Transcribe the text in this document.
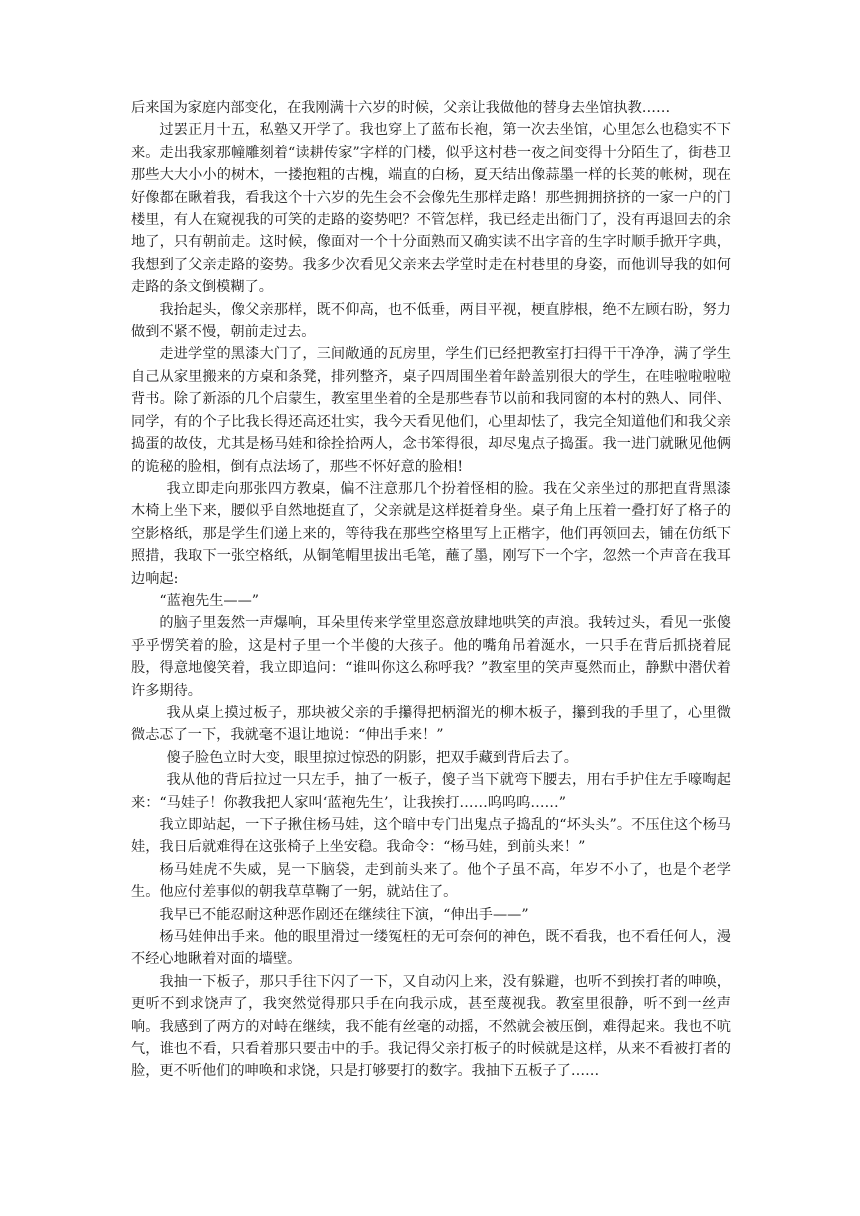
后来国为家庭内部变化，在我刚满十六岁的时候，父亲让我做他的替身去坐馆执教……

过罢正月十五，私塾又开学了。我也穿上了蓝布长袍，第一次去坐馆，心里怎么也稳实不下来。走出我家那幢雕刻着“读耕传家”字样的门楼，似乎这村巷一夜之间变得十分陌生了，街巷卫那些大大小小的树木，一搂抱粗的古槐，端直的白杨，夏天结出像蒜墨一样的长荚的帐树，现在好像都在瞅着我，看我这个十六岁的先生会不会像先生那样走路！那些拥拥挤挤的一家一户的门楼里，有人在窥视我的可笑的走路的姿势吧？不管怎样，我已经走出衙门了，没有再退回去的余地了，只有朝前走。这时候，像面对一个十分面熟而又确实读不出字音的生字时顺手掀开字典，我想到了父亲走路的姿势。我多少次看见父亲来去学堂时走在村巷里的身姿，而他训导我的如何走路的条文倒模糊了。

我抬起头，像父亲那样，既不仰高，也不低垂，两目平视，梗直脖根，绝不左顾右盼，努力做到不紧不慢，朝前走过去。

走进学堂的黑漆大门了，三间敞通的瓦房里，学生们已经把教室打扫得干干净净，满了学生自己从家里搬来的方桌和条凳，排列整齐，桌子四周围坐着年龄盖别很大的学生，在哇啦啦啦啦背书。除了新添的几个启蒙生，教室里坐着的全是那些春节以前和我同窗的本村的熟人、同伴、同学，有的个子比我长得还高还壮实，我今天看见他们，心里却怯了，我完全知道他们和我父亲捣蛋的故伎，尤其是杨马娃和徐拴拾两人，念书笨得很，却尽鬼点子捣蛋。我一进门就瞅见他俩的诡秘的脸相，倒有点法场了，那些不怀好意的脸相!

我立即走向那张四方教桌，偏不注意那几个扮着怪相的脸。我在父亲坐过的那把直背黑漆木椅上坐下来，腰似乎自然地挺直了，父亲就是这样挺着身坐。桌子角上压着一叠打好了格子的空影格纸，那是学生们递上来的，等待我在那些空格里写上正楷字，他们再领回去，铺在仿纸下照措，我取下一张空格纸，从铜笔帽里拔出毛笔，蘸了墨，刚写下一个字，忽然一个声音在我耳边响起:

“蓝袍先生——”

的脑子里轰然一声爆响，耳朵里传来学堂里恣意放肆地哄笑的声浪。我转过头，看见一张傻乎乎愣笑着的脸，这是村子里一个半傻的大孩子。他的嘴角吊着涎水，一只手在背后抓挠着屁股，得意地傻笑着，我立即追问：“谁叫你这么称呼我？”教室里的笑声戛然而止，静默中潜伏着许多期待。

我从桌上摸过板子，那块被父亲的手攥得把柄溜光的柳木板子，攥到我的手里了，心里微微忐忑了一下，我就毫不退让地说：“伸出手来！”

傻子脸色立时大变，眼里掠过惊恐的阴影，把双手藏到背后去了。

我从他的背后拉过一只左手，抽了一板子，傻子当下就弯下腰去，用右手护住左手嚎啕起来：“马娃子！你教我把人家叫‘蓝袍先生’，让我挨打……呜呜呜……”

我立即站起，一下子揪住杨马娃，这个暗中专门出鬼点子捣乱的“坏头头”。不压住这个杨马娃，我日后就难得在这张椅子上坐安稳。我命令：“杨马娃，到前头来！”

杨马娃虎不失威，晃一下脑袋，走到前头来了。他个子虽不高，年岁不小了，也是个老学生。他应付差事似的朝我草草鞠了一躬，就站住了。

我早已不能忍耐这种恶作剧还在继续往下演，“伸出手——”

杨马娃伸出手来。他的眼里滑过一缕冤枉的无可奈何的神色，既不看我，也不看任何人，漫不经心地瞅着对面的墙壁。

我抽一下板子，那只手往下闪了一下，又自动闪上来，没有躲避，也听不到挨打者的呻唤，更听不到求饶声了，我突然觉得那只手在向我示成，甚至蔑视我。教室里很静，听不到一丝声响。我感到了两方的对峙在继续，我不能有丝毫的动摇，不然就会被压倒，难得起来。我也不吭气，谁也不看，只看着那只要击中的手。我记得父亲打板子的时候就是这样，从来不看被打者的脸，更不听他们的呻唤和求饶，只是打够要打的数字。我抽下五板子了……
